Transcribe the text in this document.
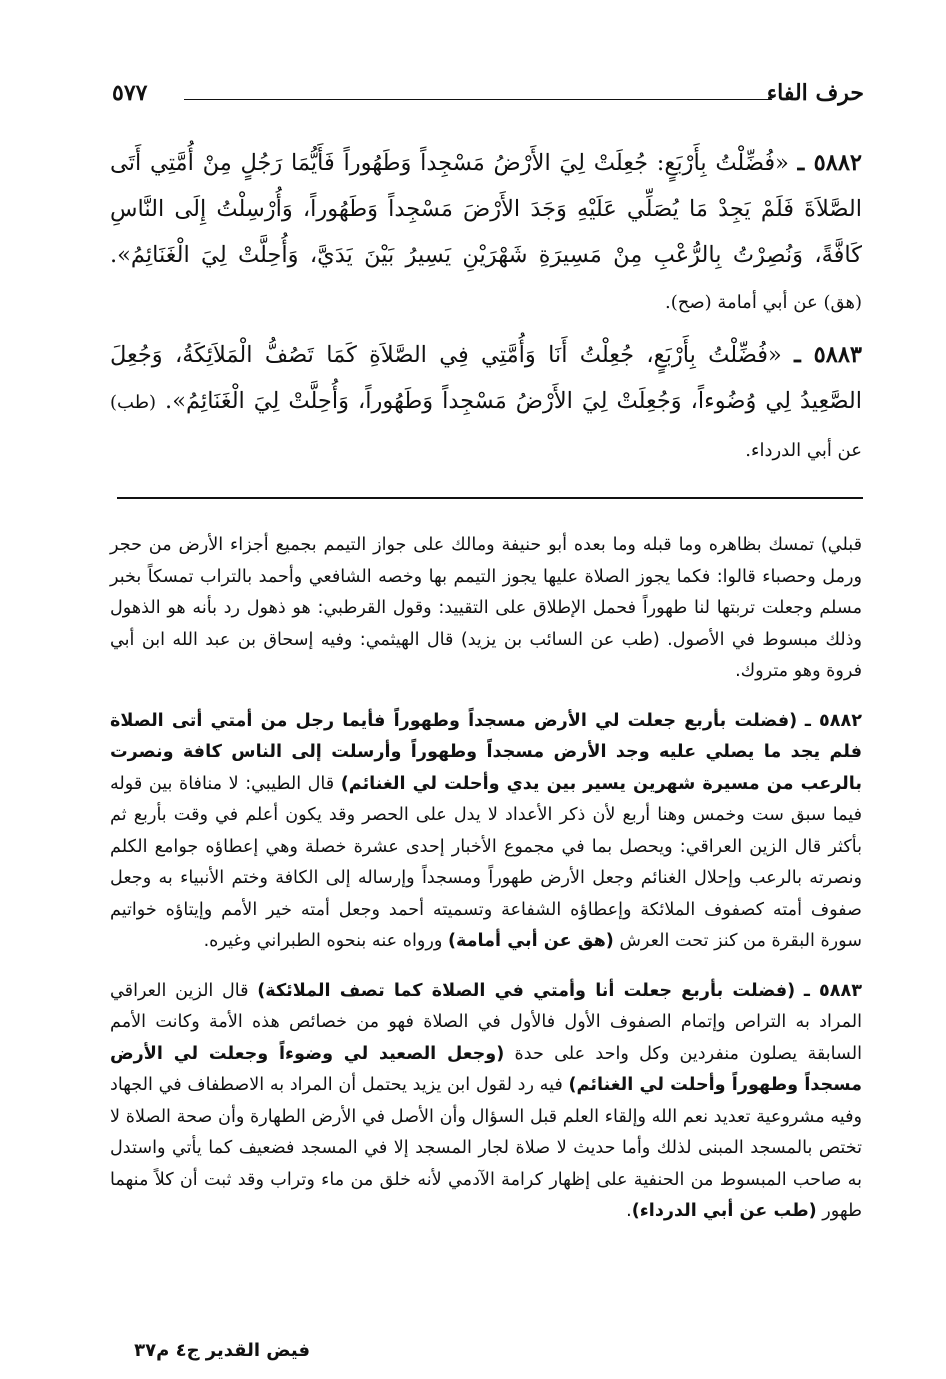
حرف الفاء
٥٧٧

٥٨٨٢ ـ «فُضِّلْتُ بِأَرْبَعٍ: جُعِلَتْ لِيَ الأَرْضُ مَسْجِداً وَطَهُوراً فَأَيُّمَا رَجُلٍ مِنْ أُمَّتِي أَتَى الصَّلاَةَ فَلَمْ يَجِدْ مَا يُصَلِّي عَلَيْهِ وَجَدَ الأَرْضَ مَسْجِداً وَطَهُوراً، وَأُرْسِلْتُ إِلَى النَّاسِ كَافَّةً، وَنُصِرْتُ بِالرُّعْبِ مِنْ مَسِيرَةِ شَهْرَيْنِ يَسِيرُ بَيْنَ يَدَيَّ، وَأُحِلَّتْ لِيَ الْغَنَائِمُ». (هق) عن أبي أمامة (صح).

٥٨٨٣ ـ «فُضِّلْتُ بِأَرْبَعٍ، جُعِلْتُ أَنَا وَأُمَّتِي فِي الصَّلاَةِ كَمَا تَصُفُّ الْمَلاَئِكَةُ، وَجُعِلَ الصَّعِيدُ لِي وُضُوءاً، وَجُعِلَتْ لِيَ الأَرْضُ مَسْجِداً وَطَهُوراً، وَأُحِلَّتْ لِيَ الْغَنَائِمُ». (طب) عن أبي الدرداء.

قبلي) تمسك بظاهره وما قبله وما بعده أبو حنيفة ومالك على جواز التيمم بجميع أجزاء الأرض من حجر ورمل وحصباء قالوا: فكما يجوز الصلاة عليها يجوز التيمم بها وخصه الشافعي وأحمد بالتراب تمسكاً بخبر مسلم وجعلت تربتها لنا طهوراً فحمل الإطلاق على التقييد: وقول القرطبي: هو ذهول رد بأنه هو الذهول وذلك مبسوط في الأصول. (طب عن السائب بن يزيد) قال الهيثمي: وفيه إسحاق بن عبد الله ابن أبي فروة وهو متروك.

٥٨٨٢ ـ (فضلت بأربع جعلت لي الأرض مسجداً وطهوراً فأيما رجل من أمتي أتى الصلاة فلم يجد ما يصلي عليه وجد الأرض مسجداً وطهوراً وأرسلت إلى الناس كافة ونصرت بالرعب من مسيرة شهرين يسير بين يدي وأحلت لي الغنائم) قال الطيبي: لا منافاة بين قوله فيما سبق ست وخمس وهنا أربع لأن ذكر الأعداد لا يدل على الحصر وقد يكون أعلم في وقت بأربع ثم بأكثر قال الزين العراقي: ويحصل بما في مجموع الأخبار إحدى عشرة خصلة وهي إعطاؤه جوامع الكلم ونصرته بالرعب وإحلال الغنائم وجعل الأرض طهوراً ومسجداً وإرساله إلى الكافة وختم الأنبياء به وجعل صفوف أمته كصفوف الملائكة وإعطاؤه الشفاعة وتسميته أحمد وجعل أمته خير الأمم وإيتاؤه خواتيم سورة البقرة من كنز تحت العرش (هق عن أبي أمامة) ورواه عنه بنحوه الطبراني وغيره.

٥٨٨٣ ـ (فضلت بأربع جعلت أنا وأمتي في الصلاة كما تصف الملائكة) قال الزين العراقي المراد به التراص وإتمام الصفوف الأول فالأول في الصلاة فهو من خصائص هذه الأمة وكانت الأمم السابقة يصلون منفردين وكل واحد على حدة (وجعل الصعيد لي وضوءاً وجعلت لي الأرض مسجداً وطهوراً وأحلت لي الغنائم) فيه رد لقول ابن يزيد يحتمل أن المراد به الاصطفاف في الجهاد وفيه مشروعية تعديد نعم الله وإلقاء العلم قبل السؤال وأن الأصل في الأرض الطهارة وأن صحة الصلاة لا تختص بالمسجد المبنى لذلك وأما حديث لا صلاة لجار المسجد إلا في المسجد فضعيف كما يأتي واستدل به صاحب المبسوط من الحنفية على إظهار كرامة الآدمي لأنه خلق من ماء وتراب وقد ثبت أن كلاً منهما طهور (طب عن أبي الدرداء).

فيض القدير ج٤ م٣٧
